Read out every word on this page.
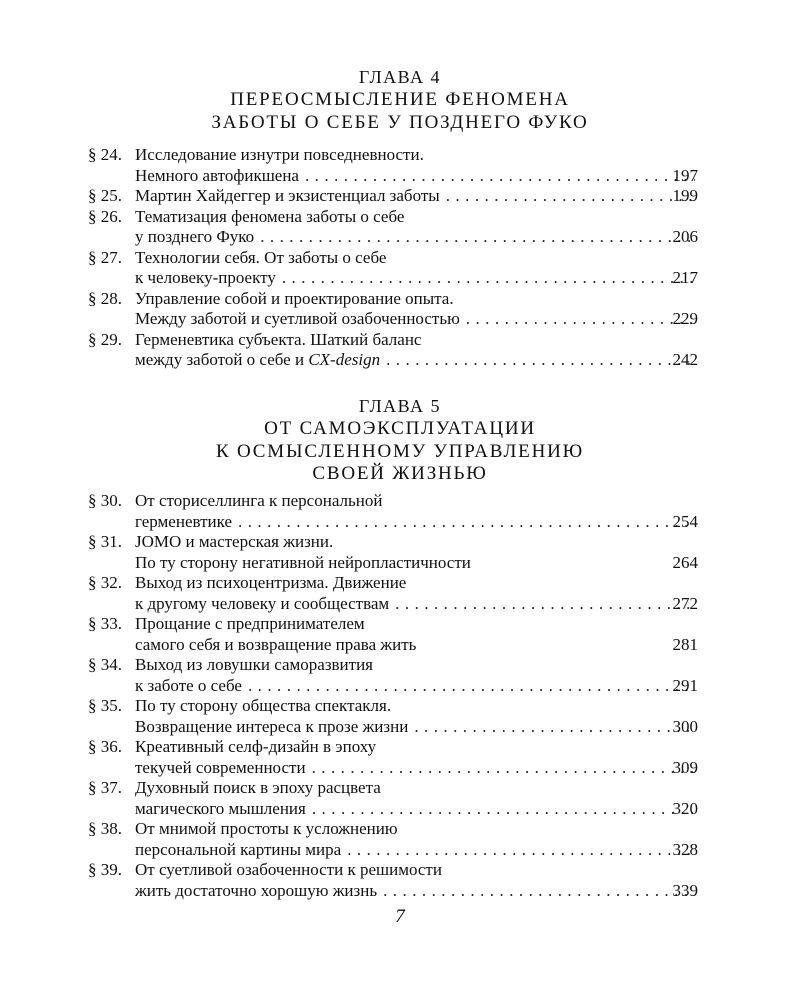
ГЛАВА 4
ПЕРЕОСМЫСЛЕНИЕ ФЕНОМЕНА
ЗАБОТЫ О СЕБЕ У ПОЗДНЕГО ФУКО
§ 24. Исследование изнутри повседневности.
Немного автофикшена . . .	197
§ 25. Мартин Хайдеггер и экзистенциал заботы . . .	199
§ 26. Тематизация феномена заботы о себе
у позднего Фуко . . .	206
§ 27. Технологии себя. От заботы о себе
к человеку-проекту . . .	217
§ 28. Управление собой и проектирование опыта.
Между заботой и суетливой озабоченностью . . .	229
§ 29. Герменевтика субъекта. Шаткий баланс
между заботой о себе и CX-design . . .	242
ГЛАВА 5
ОТ САМОЭКСПЛУАТАЦИИ
К ОСМЫСЛЕННОМУ УПРАВЛЕНИЮ
СВОЕЙ ЖИЗНЬЮ
§ 30. От сториселлинга к персональной
герменевтике . . .	254
§ 31. JOMO и мастерская жизни.
По ту сторону негативной нейропластичности	264
§ 32. Выход из психоцентризма. Движение
к другому человеку и сообществам . . .	272
§ 33. Прощание с предпринимателем
самого себя и возвращение права жить	281
§ 34. Выход из ловушки саморазвития
к заботе о себе . . .	291
§ 35. По ту сторону общества спектакля.
Возвращение интереса к прозе жизни . . .	300
§ 36. Креативный селф-дизайн в эпоху
текучей современности . . .	309
§ 37. Духовный поиск в эпоху расцвета
магического мышления . . .	320
§ 38. От мнимой простоты к усложнению
персональной картины мира . . .	328
§ 39. От суетливой озабоченности к решимости
жить достаточно хорошую жизнь . . .	339
7
